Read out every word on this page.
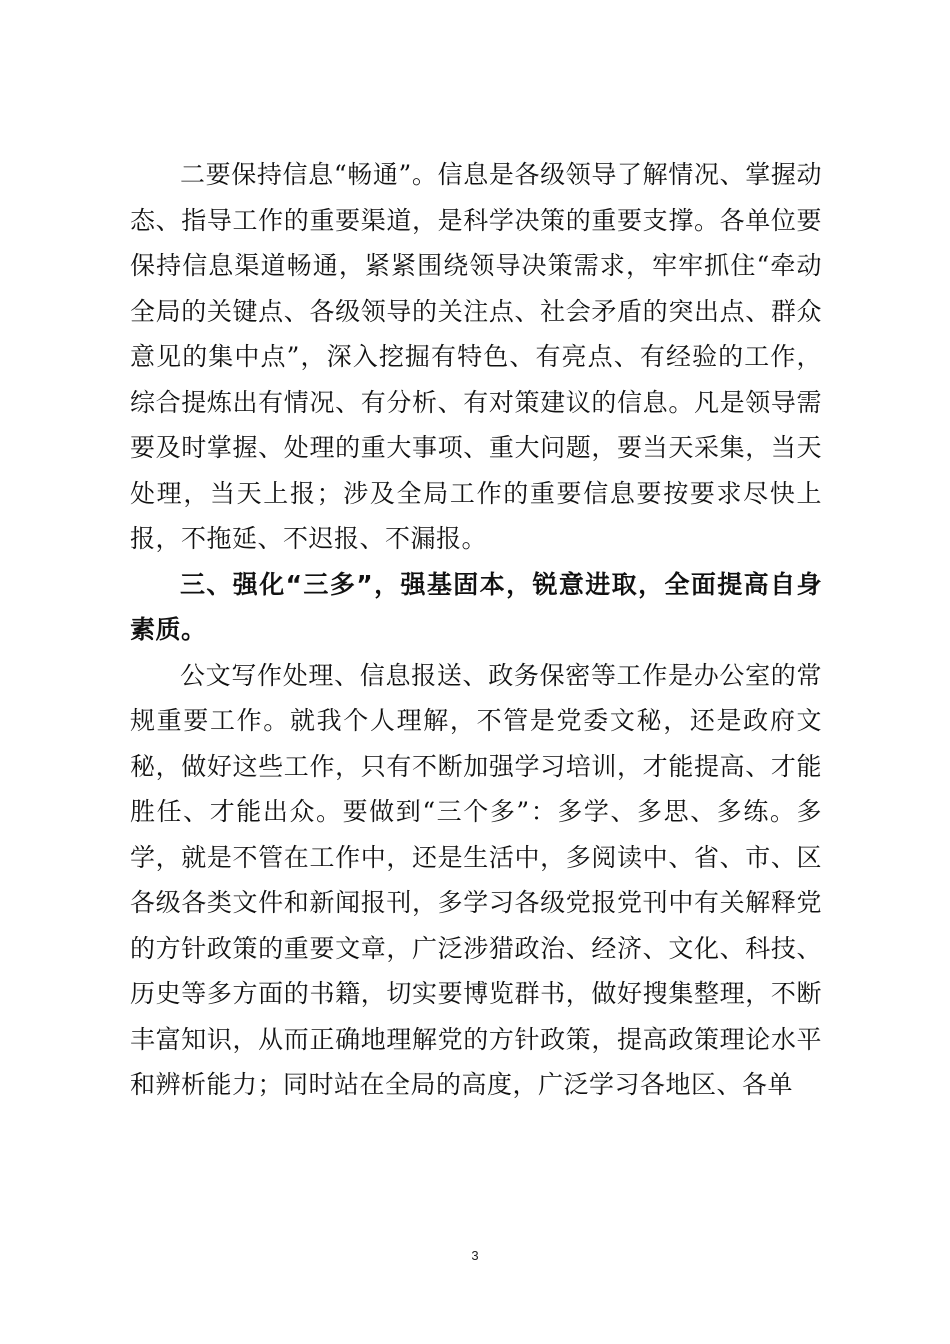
二要保持信息“畅通”。信息是各级领导了解情况、掌握动态、指导工作的重要渠道，是科学决策的重要支撑。各单位要保持信息渠道畅通，紧紧围绕领导决策需求，牢牢抓住“牵动全局的关键点、各级领导的关注点、社会矛盾的突出点、群众意见的集中点”，深入挖掘有特色、有亮点、有经验的工作，综合提炼出有情况、有分析、有对策建议的信息。凡是领导需要及时掌握、处理的重大事项、重大问题，要当天采集，当天处理，当天上报；涉及全局工作的重要信息要按要求尽快上报，不拖延、不迟报、不漏报。

三、强化“三多”，强基固本，锐意进取，全面提高自身素质。

公文写作处理、信息报送、政务保密等工作是办公室的常规重要工作。就我个人理解，不管是党委文秘，还是政府文秘，做好这些工作，只有不断加强学习培训，才能提高、才能胜任、才能出众。要做到“三个多”：多学、多思、多练。多学，就是不管在工作中，还是生活中，多阅读中、省、市、区各级各类文件和新闻报刊，多学习各级党报党刊中有关解释党的方针政策的重要文章，广泛涉猎政治、经济、文化、科技、历史等多方面的书籍，切实要博览群书，做好搜集整理，不断丰富知识，从而正确地理解党的方针政策，提高政策理论水平和辨析能力；同时站在全局的高度，广泛学习各地区、各单

3
